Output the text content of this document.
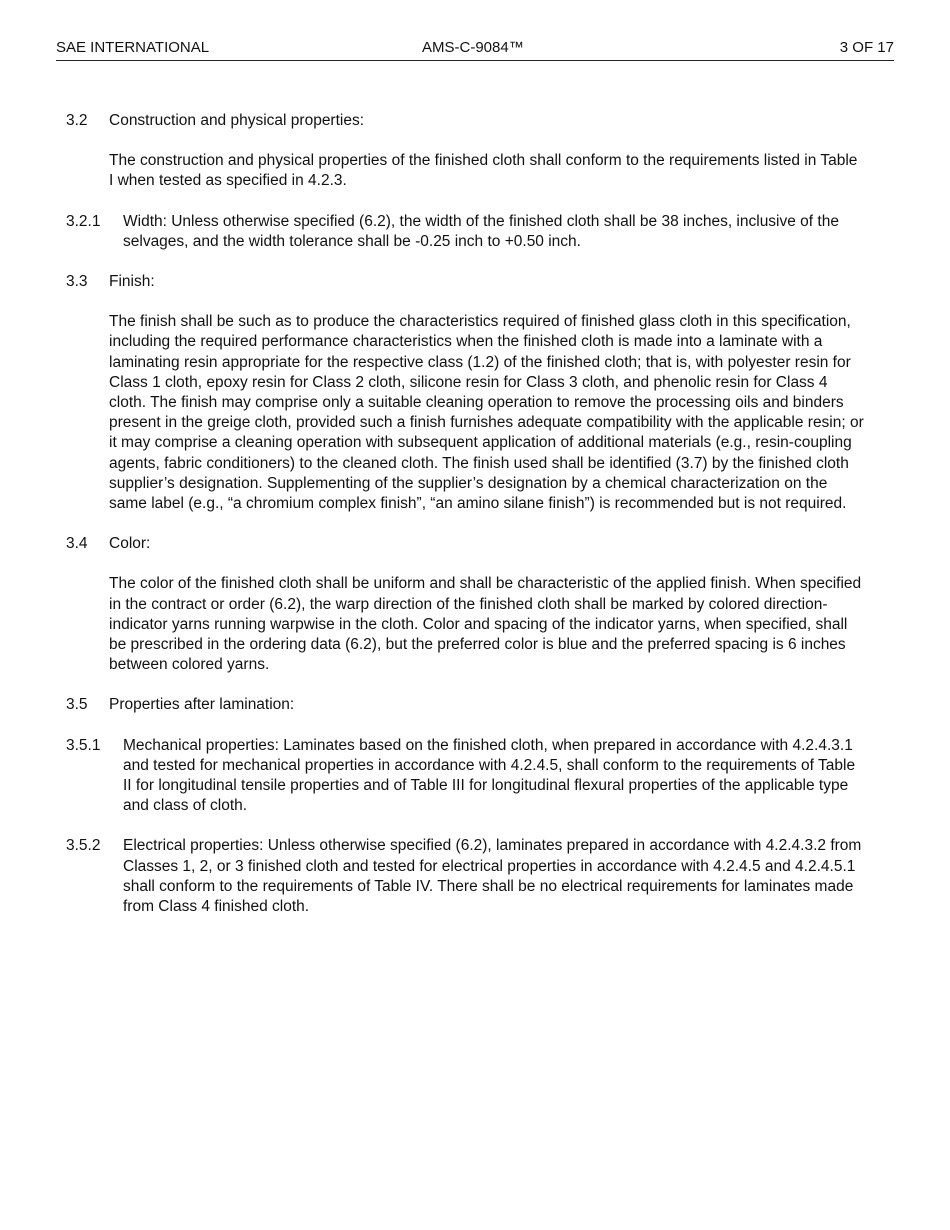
SAE INTERNATIONAL	AMS-C-9084™	3 OF 17
3.2	Construction and physical properties:

The construction and physical properties of the finished cloth shall conform to the requirements listed in Table I when tested as specified in 4.2.3.

3.2.1	Width: Unless otherwise specified (6.2), the width of the finished cloth shall be 38 inches, inclusive of the selvages, and the width tolerance shall be -0.25 inch to +0.50 inch.
3.3	Finish:

The finish shall be such as to produce the characteristics required of finished glass cloth in this specification, including the required performance characteristics when the finished cloth is made into a laminate with a laminating resin appropriate for the respective class (1.2) of the finished cloth; that is, with polyester resin for Class 1 cloth, epoxy resin for Class 2 cloth, silicone resin for Class 3 cloth, and phenolic resin for Class 4 cloth. The finish may comprise only a suitable cleaning operation to remove the processing oils and binders present in the greige cloth, provided such a finish furnishes adequate compatibility with the applicable resin; or it may comprise a cleaning operation with subsequent application of additional materials (e.g., resin-coupling agents, fabric conditioners) to the cleaned cloth. The finish used shall be identified (3.7) by the finished cloth supplier’s designation. Supplementing of the supplier’s designation by a chemical characterization on the same label (e.g., “a chromium complex finish”, “an amino silane finish”) is recommended but is not required.

3.4	Color:

The color of the finished cloth shall be uniform and shall be characteristic of the applied finish. When specified in the contract or order (6.2), the warp direction of the finished cloth shall be marked by colored direction-indicator yarns running warpwise in the cloth. Color and spacing of the indicator yarns, when specified, shall be prescribed in the ordering data (6.2), but the preferred color is blue and the preferred spacing is 6 inches between colored yarns.

3.5	Properties after lamination:
3.5.1	Mechanical properties: Laminates based on the finished cloth, when prepared in accordance with 4.2.4.3.1 and tested for mechanical properties in accordance with 4.2.4.5, shall conform to the requirements of Table II for longitudinal tensile properties and of Table III for longitudinal flexural properties of the applicable type and class of cloth.
3.5.2	Electrical properties: Unless otherwise specified (6.2), laminates prepared in accordance with 4.2.4.3.2 from Classes 1, 2, or 3 finished cloth and tested for electrical properties in accordance with 4.2.4.5 and 4.2.4.5.1 shall conform to the requirements of Table IV. There shall be no electrical requirements for laminates made from Class 4 finished cloth.
